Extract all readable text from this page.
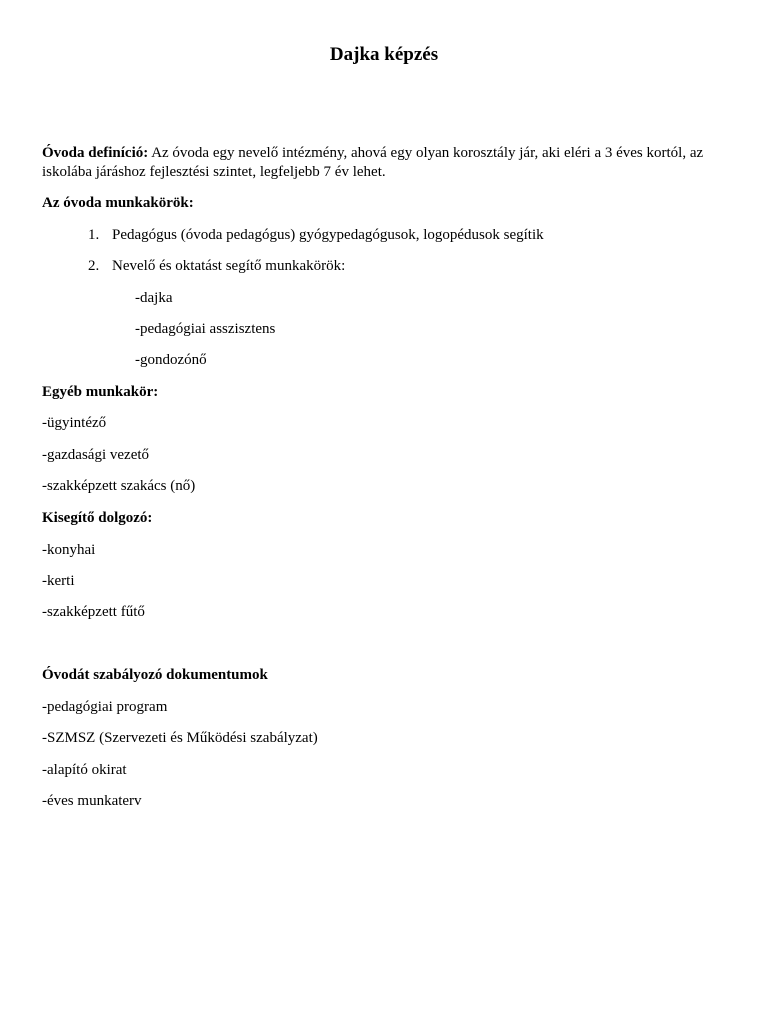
Dajka képzés
Óvoda definíció: Az óvoda egy nevelő intézmény, ahová egy olyan korosztály jár, aki eléri a 3 éves kortól, az iskolába járáshoz fejlesztési szintet, legfeljebb 7 év lehet.
Az óvoda munkakörök:
1. Pedagógus (óvoda pedagógus) gyógypedagógusok, logopédusok segítik
2. Nevelő és oktatást segítő munkakörök:
-dajka
-pedagógiai asszisztens
-gondozónő
Egyéb munkakör:
-ügyintéző
-gazdasági vezető
-szakképzett szakács (nő)
Kisegítő dolgozó:
-konyhai
-kerti
-szakképzett fűtő
Óvodát szabályozó dokumentumok
-pedagógiai program
-SZMSZ (Szervezeti és Működési szabályzat)
-alapító okirat
-éves munkaterv
